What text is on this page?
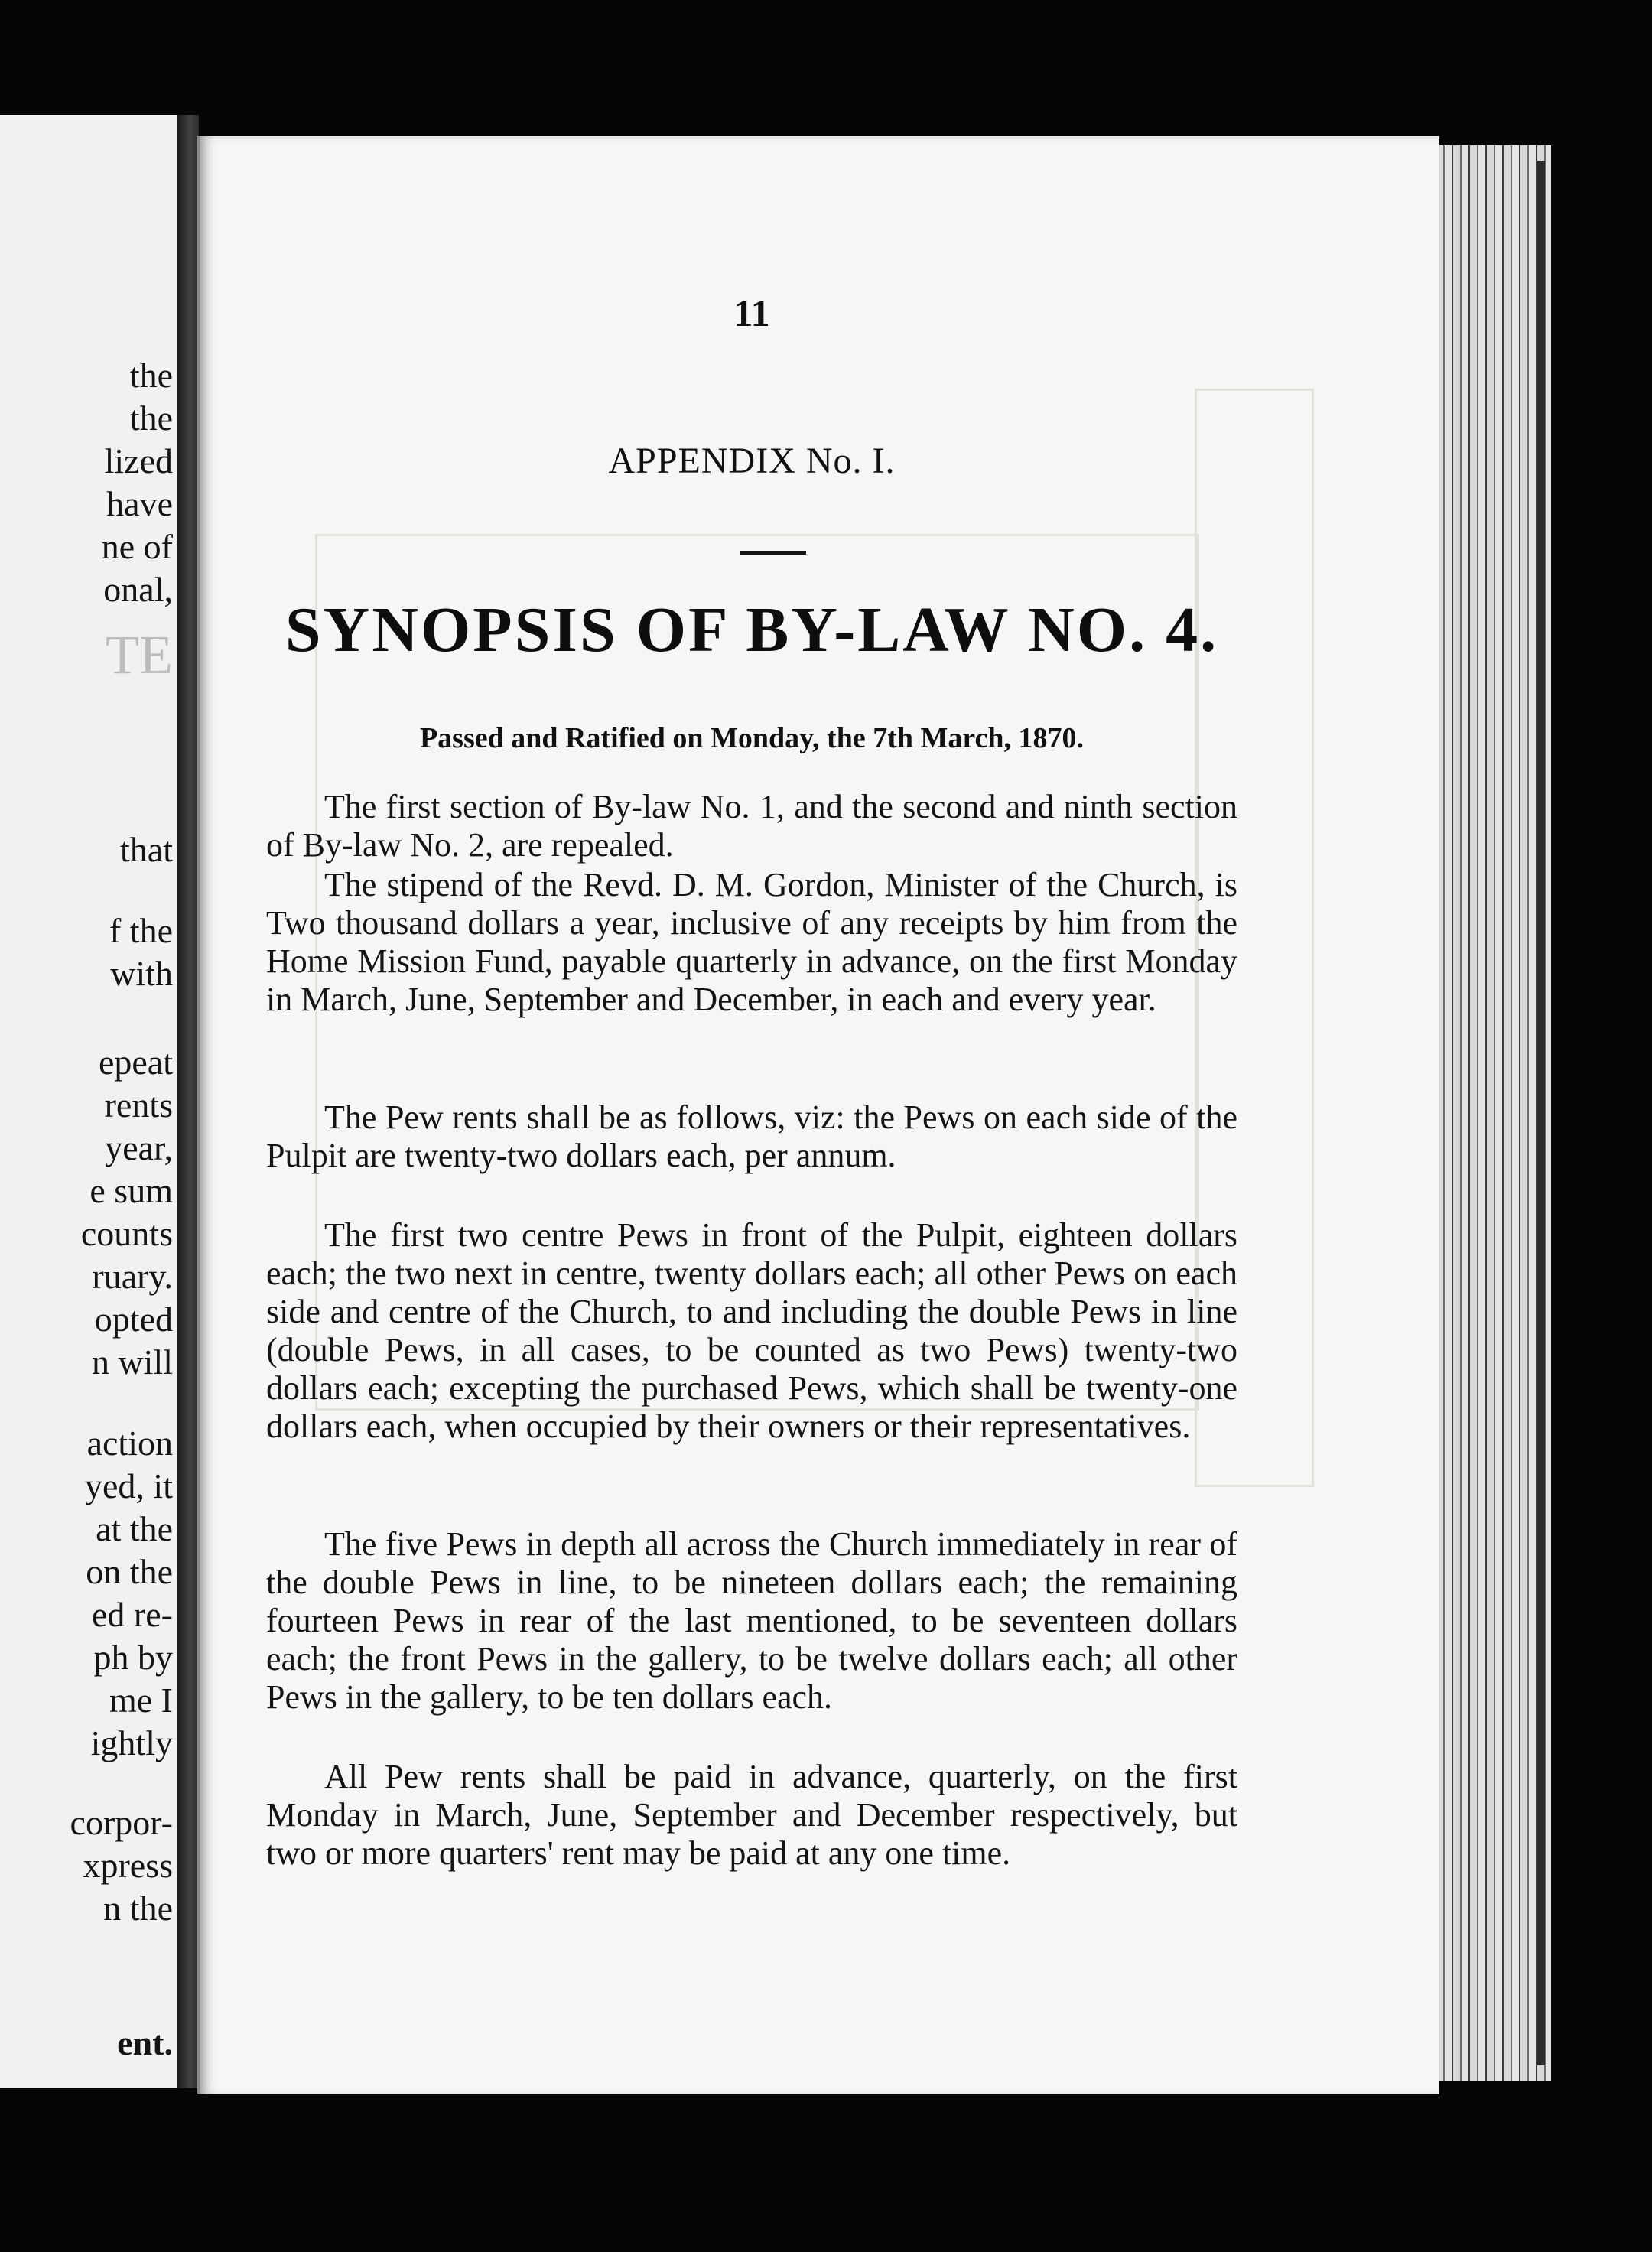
the

the

lized

have

ne of

onal,

TE

that

f the

with

epeat

rents

year,

e sum

counts

ruary.

opted

n will

action

yed, it

at the

on the

ed re-

ph by

me I

ightly

corpor-

xpress

n the

ent.

11

APPENDIX No. I.

SYNOPSIS OF BY-LAW NO. 4.

Passed and Ratified on Monday, the 7th March, 1870.

The first section of By-law No. 1, and the second and ninth section of By-law No. 2, are repealed.

The stipend of the Revd. D. M. Gordon, Minister of the Church, is Two thousand dollars a year, inclusive of any receipts by him from the Home Mission Fund, payable quarterly in advance, on the first Monday in March, June, September and December, in each and every year.

The Pew rents shall be as follows, viz: the Pews on each side of the Pulpit are twenty-two dollars each, per annum.

The first two centre Pews in front of the Pulpit, eighteen dollars each; the two next in centre, twenty dollars each; all other Pews on each side and centre of the Church, to and including the double Pews in line (double Pews, in all cases, to be counted as two Pews) twenty-two dollars each; excepting the purchased Pews, which shall be twenty-one dollars each, when occupied by their owners or their representatives.

The five Pews in depth all across the Church immediately in rear of the double Pews in line, to be nineteen dollars each; the remaining fourteen Pews in rear of the last mentioned, to be seventeen dollars each; the front Pews in the gallery, to be twelve dollars each; all other Pews in the gallery, to be ten dollars each.

All Pew rents shall be paid in advance, quarterly, on the first Monday in March, June, September and December respectively, but two or more quarters' rent may be paid at any one time.
